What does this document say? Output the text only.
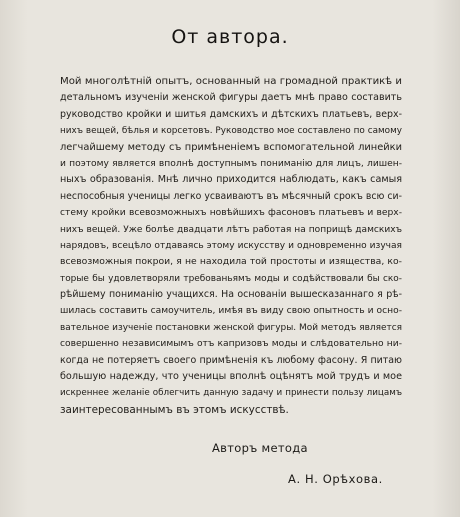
От автора.
Мой многолѣтній опытъ, основанный на громадной практикѣ и
детальномъ изученіи женской фигуры даетъ мнѣ право составить
руководство кройки и шитья дамскихъ и дѣтскихъ платьевъ, верх-
нихъ вещей, бѣлья и корсетовъ. Руководство мое составлено по самому
легчайшему методу съ примѣненіемъ вспомогательной линейки
и поэтому является вполнѣ доступнымъ пониманію для лицъ, лишен-
ныхъ образованія. Мнѣ лично приходится наблюдать, какъ самыя
неспособныя ученицы легко усваиваютъ въ мѣсячный срокъ всю си-
стему кройки всевозможныхъ новѣйшихъ фасоновъ платьевъ и верх-
нихъ вещей. Уже болѣе двадцати лѣтъ работая на поприщѣ дамскихъ
нарядовъ, всецѣло отдаваясь этому искусству и одновременно изучая
всевозможныя покрои, я не находила той простоты и изящества, ко-
торые бы удовлетворяли требованьямъ моды и содѣйствовали бы ско-
рѣйшему пониманію учащихся. На основаніи вышесказаннаго я рѣ-
шилась составить самоучитель, имѣя въ виду свою опытность и осно-
вательное изученіе постановки женской фигуры. Мой методъ является
совершенно независимымъ отъ капризовъ моды и слѣдовательно ни-
когда не потеряетъ своего примѣненія къ любому фасону. Я питаю
большую надежду, что ученицы вполнѣ оцѣнятъ мой трудъ и мое
искреннее желаніе облегчить данную задачу и принести пользу лицамъ
заинтересованнымъ въ этомъ искусствѣ.
Авторъ метода
А. Н. Орѣхова.
